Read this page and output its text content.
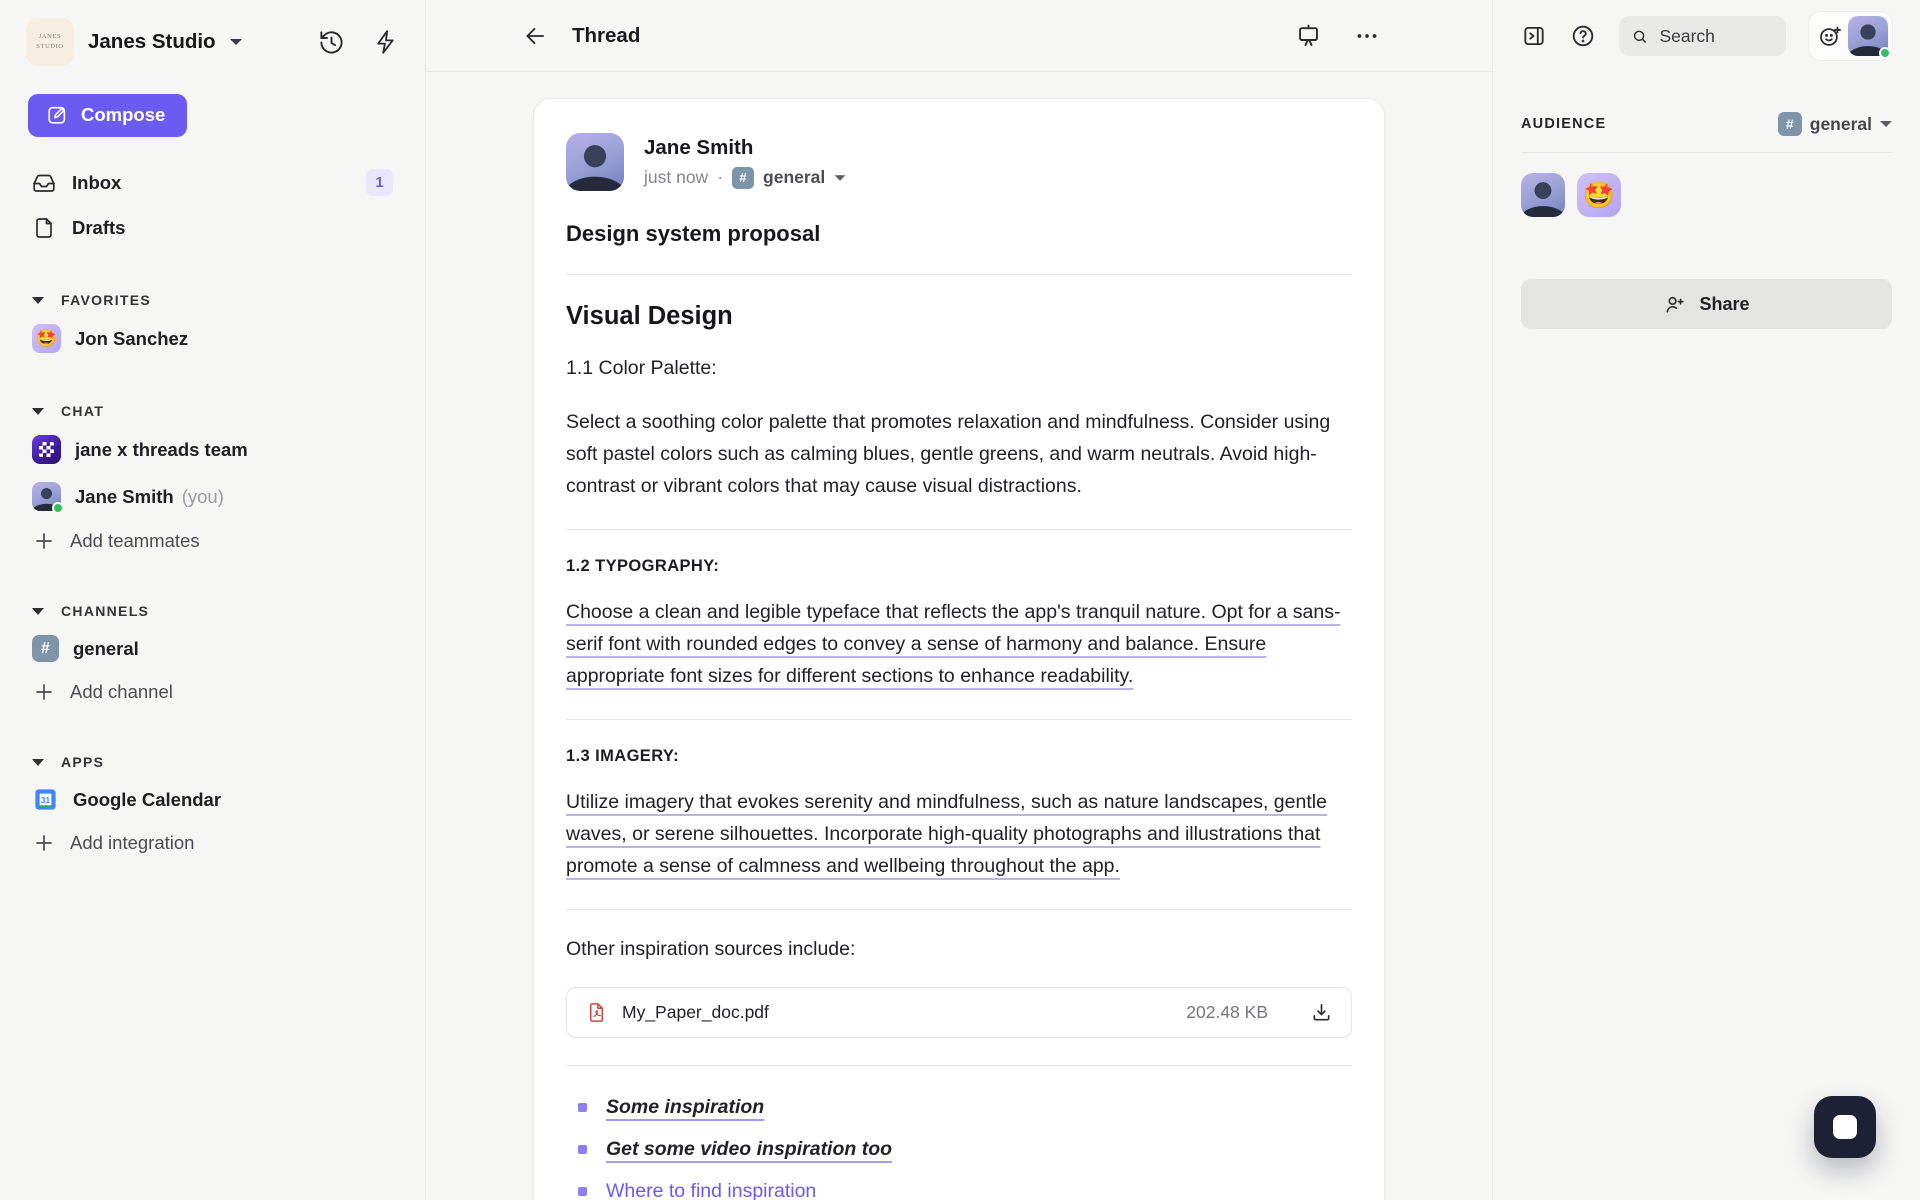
JANES STUDIO	Janes Studio
Compose
Inbox	1
Drafts
FAVORITES
🤩 Jon Sanchez
CHAT
jane x threads team
Jane Smith (you)
Add teammates
CHANNELS
#	general
Add channel
APPS
31 Google Calendar
Add integration
Thread
Jane Smith
just now ·	# general
Design system proposal
Visual Design

1.1 Color Palette:

Select a soothing color palette that promotes relaxation and mindfulness. Consider using soft pastel colors such as calming blues, gentle greens, and warm neutrals. Avoid high-contrast or vibrant colors that may cause visual distractions.

1.2 TYPOGRAPHY:

Choose a clean and legible typeface that reflects the app's tranquil nature. Opt for a sans-serif font with rounded edges to convey a sense of harmony and balance. Ensure appropriate font sizes for different sections to enhance readability.

1.3 IMAGERY:

Utilize imagery that evokes serenity and mindfulness, such as nature landscapes, gentle waves, or serene silhouettes. Incorporate high-quality photographs and illustrations that promote a sense of calmness and wellbeing throughout the app.

Other inspiration sources include:

My_Paper_doc.pdf	202.48 KB
Some inspiration
Get some video inspiration too
Where to find inspiration
Search
AUDIENCE	# general
🤩
Share
